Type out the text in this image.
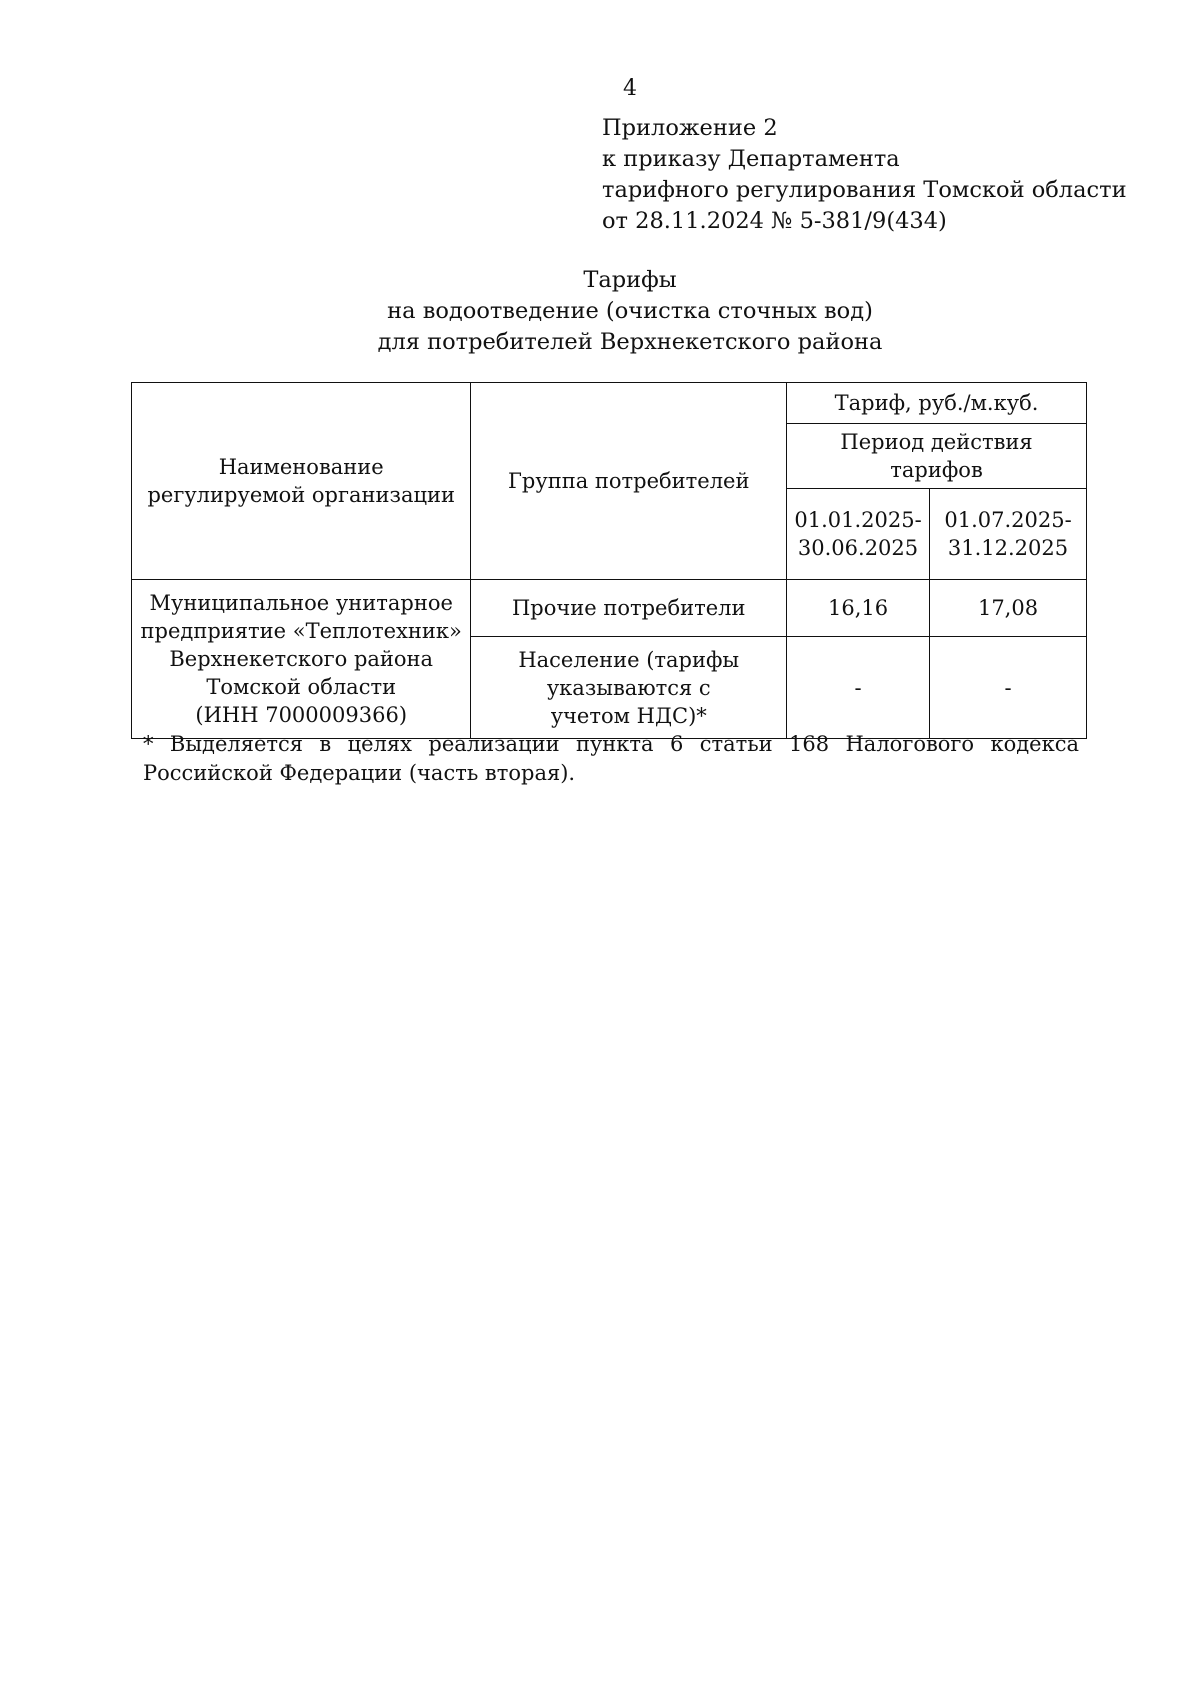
4
Приложение 2
к приказу Департамента
тарифного регулирования Томской области
от 28.11.2024 № 5-381/9(434)
Тарифы
на водоотведение (очистка сточных вод)
для потребителей Верхнекетского района
Наименование регулируемой организации	Группа потребителей	Тариф, руб./м.куб.	
		Период действия тарифов	
		01.01.2025-30.06.2025	01.07.2025-31.12.2025

Муниципальное унитарное
предприятие «Теплотехник»
Верхнекетского района
Томской области
(ИНН 7000009366)	Прочие потребители	16,16	17,08
	Население (тарифы указываются с учетом НДС)*	-	-
* Выделяется в целях реализации пункта 6 статьи 168 Налогового кодекса Российской Федерации (часть вторая).
